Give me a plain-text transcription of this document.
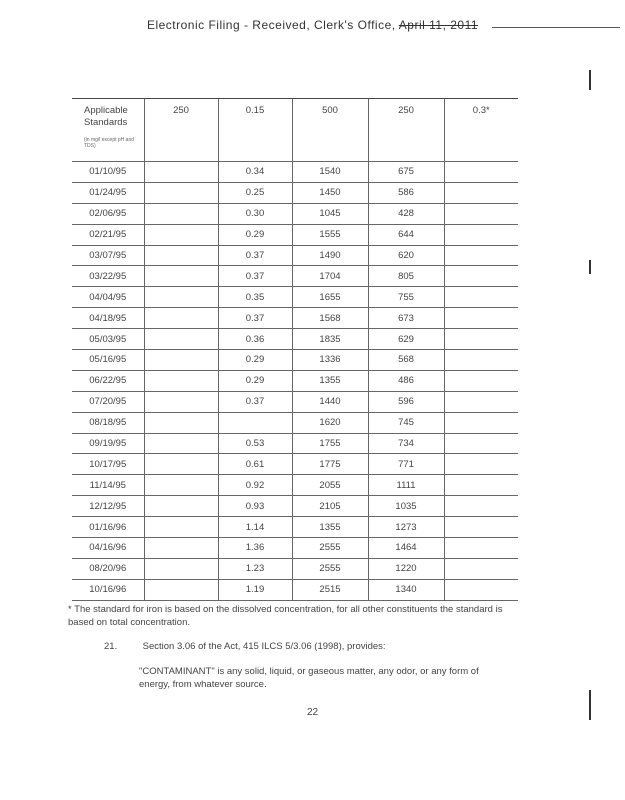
Electronic Filing - Received, Clerk's Office, April 11, 2011
Applicable Standards
(in mg/l except pH and TDS)	250	0.15	500	250	0.3*
01/10/95		0.34	1540	675	
01/24/95		0.25	1450	586	
02/06/95		0.30	1045	428	
02/21/95		0.29	1555	644	
03/07/95		0.37	1490	620	
03/22/95		0.37	1704	805	
04/04/95		0.35	1655	755	
04/18/95		0.37	1568	673	
05/03/95		0.36	1835	629	
05/16/95		0.29	1336	568	
06/22/95		0.29	1355	486	
07/20/95		0.37	1440	596	
08/18/95			1620	745	
09/19/95		0.53	1755	734	
10/17/95		0.61	1775	771	
11/14/95		0.92	2055	1111	
12/12/95		0.93	2105	1035	
01/16/96		1.14	1355	1273	
04/16/96		1.36	2555	1464	
08/20/96		1.23	2555	1220	
10/16/96		1.19	2515	1340	
* The standard for iron is based on the dissolved concentration, for all other constituents the standard is based on total concentration.
21.	Section 3.06 of the Act, 415 ILCS 5/3.06 (1998), provides:
"CONTAMINANT" is any solid, liquid, or gaseous matter, any odor, or any form of energy, from whatever source.
22
